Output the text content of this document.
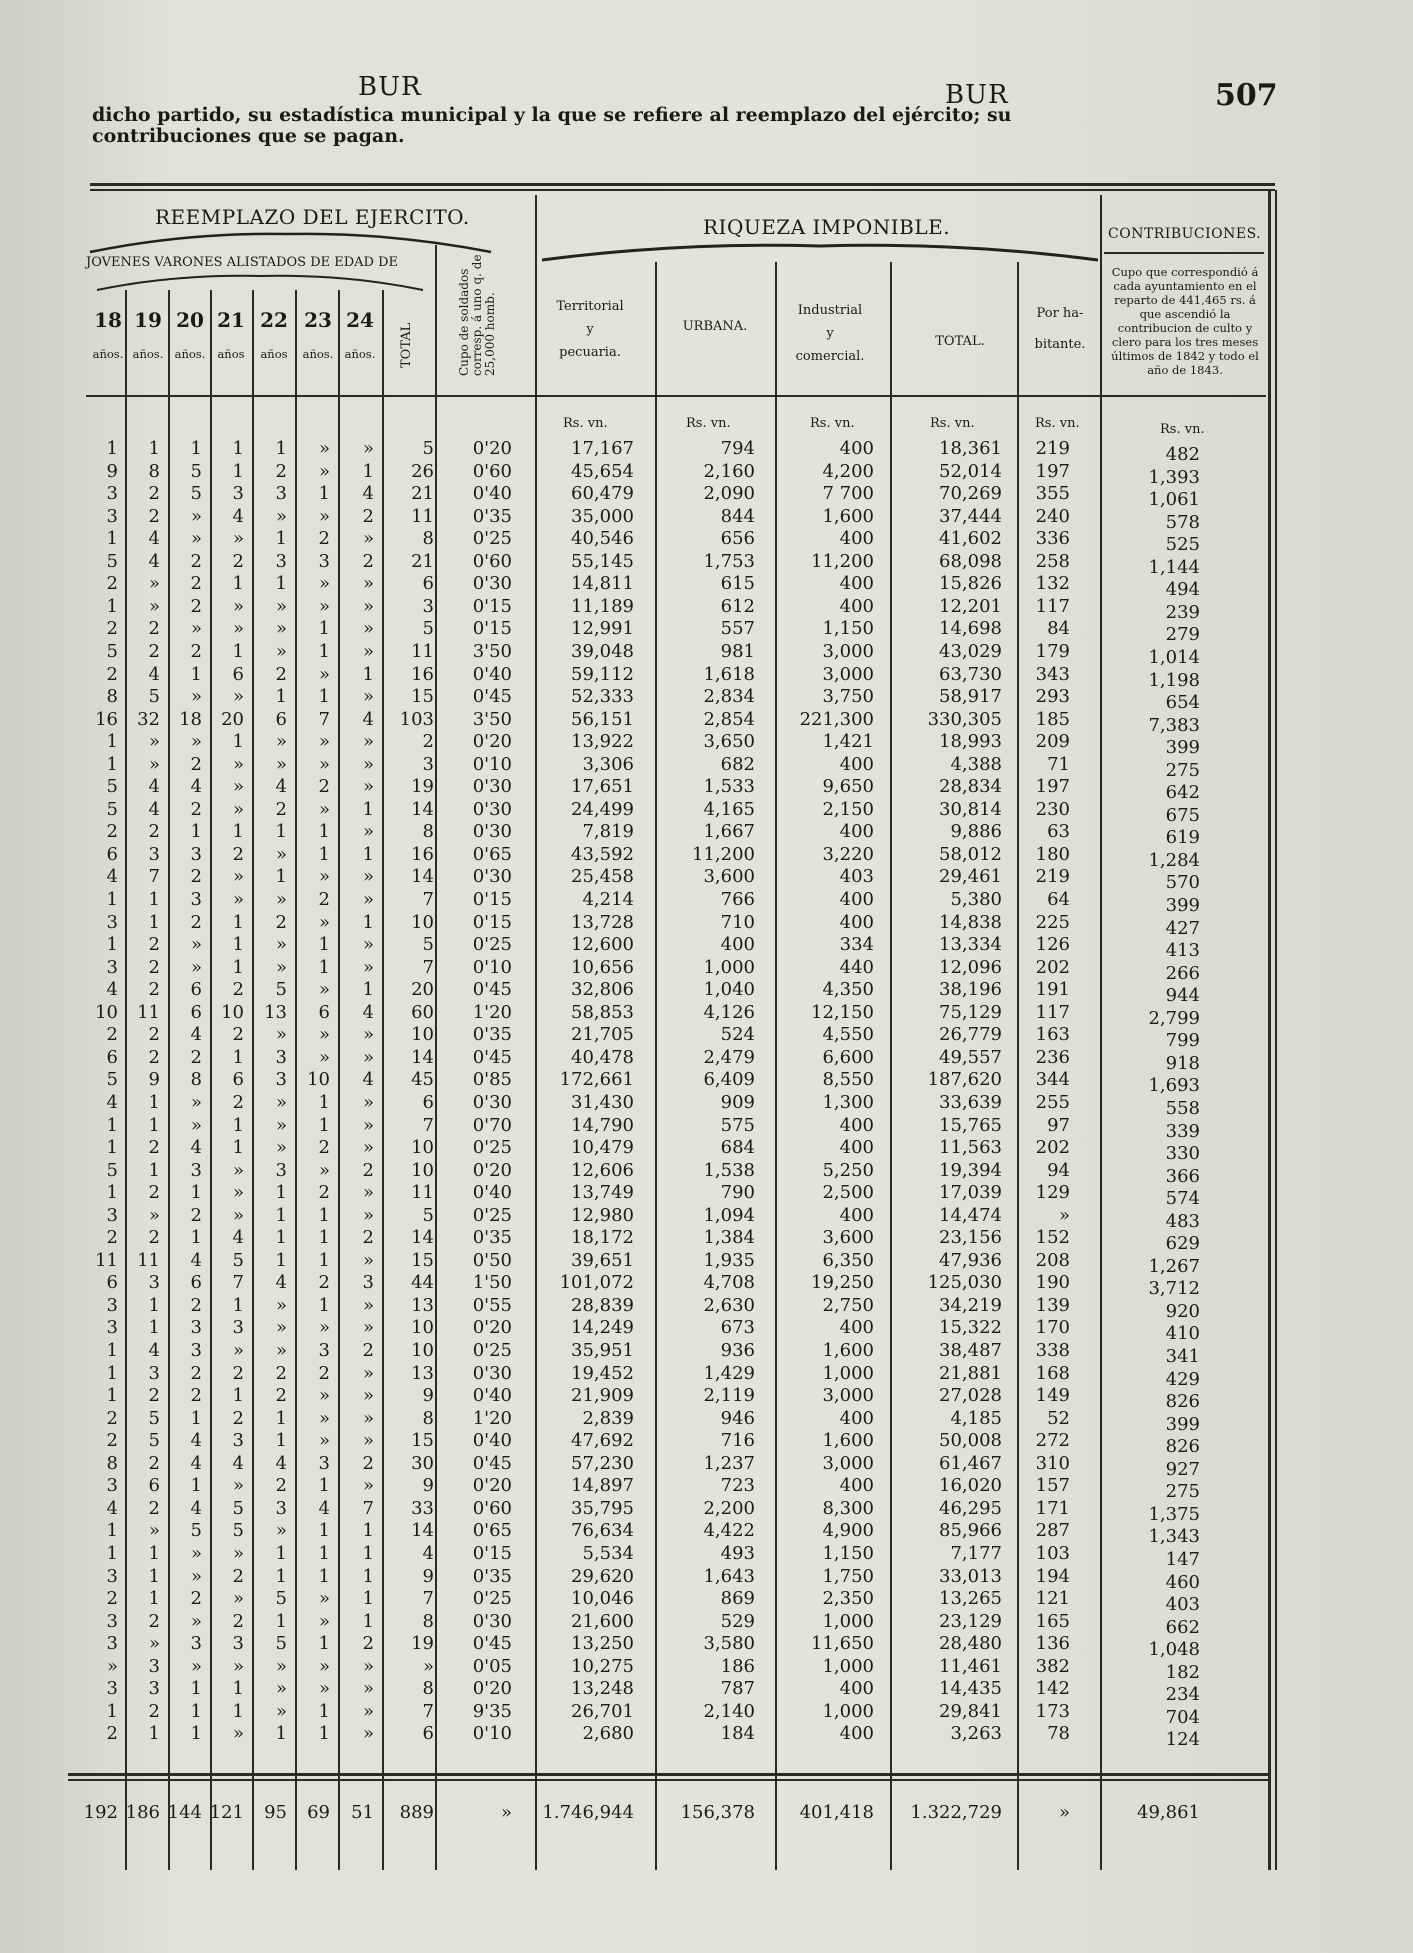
BUR	BUR	507
dicho partido, su estadística municipal y la que se refiere al reemplazo del ejército; su
contribuciones que se pagan.
REEMPLAZO DEL EJERCITO.	RIQUEZA IMPONIBLE.	CONTRIBUCIONES.
JOVENES VARONES ALISTADOS DE EDAD DE
Cupo que correspondió á cada ayuntamiento en el reparto de 441,465 rs. á que ascendió la contribucion de culto y clero para los tres meses últimos de 1842 y todo el año de 1843.
18 19 20 21 22 23 24
años. años. años.	años	años	años. años.	TOTAL	Cupo de soldados corresp. á uno q. de 25,000 homb.	Territorial
y
pecuaria.
URBANA.
Industrial
y
comercial.
TOTAL.
Por ha-
bitante.
Rs. vn.	Rs. vn.	Rs. vn.	Rs. vn.	Rs. vn.	Rs. vn.
1	1	1	1	1	»	»	5	0'20	17,167	794	400	18,361	219	482
9	8	5	1	2	»	1	26	0'60	45,654	2,160	4,200	52,014	197	1,393
3	2	5	3	3	1	4	21	0'40	60,479	2,090	7 700	70,269	355	1,061
3	2	»	4	»	»	2	11	0'35	35,000	844	1,600	37,444	240	578
1	4	»	»	1	2	»	8	0'25	40,546	656	400	41,602	336	525
5	4	2	2	3	3	2	21	0'60	55,145	1,753	11,200	68,098	258	1,144
2	»	2	1	1	»	»	6	0'30	14,811	615	400	15,826	132	494
1	»	2	»	»	»	»	3	0'15	11,189	612	400	12,201	117	239
2	2	»	»	»	1	»	5	0'15	12,991	557	1,150	14,698	84	279
5	2	2	1	»	1	»	11	3'50	39,048	981	3,000	43,029	179	1,014
2	4	1	6	2	»	1	16	0'40	59,112	1,618	3,000	63,730	343	1,198
8	5	»	»	1	1	»	15	0'45	52,333	2,834	3,750	58,917	293	654
16	32	18	20	6	7	4	103	3'50	56,151	2,854	221,300	330,305	185	7,383
1	»	»	1	»	»	»	2	0'20	13,922	3,650	1,421	18,993	209	399
1	»	2	»	»	»	»	3	0'10	3,306	682	400	4,388	71	275
5	4	4	»	4	2	»	19	0'30	17,651	1,533	9,650	28,834	197	642
5	4	2	»	2	»	1	14	0'30	24,499	4,165	2,150	30,814	230	675
2	2	1	1	1	1	»	8	0'30	7,819	1,667	400	9,886	63	619
6	3	3	2	»	1	1	16	0'65	43,592	11,200	3,220	58,012	180	1,284
4	7	2	»	1	»	»	14	0'30	25,458	3,600	403	29,461	219	570
1	1	3	»	»	2	»	7	0'15	4,214	766	400	5,380	64	399
3	1	2	1	2	»	1	10	0'15	13,728	710	400	14,838	225	427
1	2	»	1	»	1	»	5	0'25	12,600	400	334	13,334	126	413
3	2	»	1	»	1	»	7	0'10	10,656	1,000	440	12,096	202	266
4	2	6	2	5	»	1	20	0'45	32,806	1,040	4,350	38,196	191	944
10	11	6	10	13	6	4	60	1'20	58,853	4,126	12,150	75,129	117	2,799
2	2	4	2	»	»	»	10	0'35	21,705	524	4,550	26,779	163	799
6	2	2	1	3	»	»	14	0'45	40,478	2,479	6,600	49,557	236	918
5	9	8	6	3	10	4	45	0'85	172,661	6,409	8,550	187,620	344	1,693
4	1	»	2	»	1	»	6	0'30	31,430	909	1,300	33,639	255	558
1	1	»	1	»	1	»	7	0'70	14,790	575	400	15,765	97	339
1	2	4	1	»	2	»	10	0'25	10,479	684	400	11,563	202	330
5	1	3	»	3	»	2	10	0'20	12,606	1,538	5,250	19,394	94	366
1	2	1	»	1	2	»	11	0'40	13,749	790	2,500	17,039	129	574
3	»	2	»	1	1	»	5	0'25	12,980	1,094	400	14,474	»	483
2	2	1	4	1	1	2	14	0'35	18,172	1,384	3,600	23,156	152	629
11	11	4	5	1	1	»	15	0'50	39,651	1,935	6,350	47,936	208	1,267
6	3	6	7	4	2	3	44	1'50	101,072	4,708	19,250	125,030	190	3,712
3	1	2	1	»	1	»	13	0'55	28,839	2,630	2,750	34,219	139	920
3	1	3	3	»	»	»	10	0'20	14,249	673	400	15,322	170	410
1	4	3	»	»	3	2	10	0'25	35,951	936	1,600	38,487	338	341
1	3	2	2	2	2	»	13	0'30	19,452	1,429	1,000	21,881	168	429
1	2	2	1	2	»	»	9	0'40	21,909	2,119	3,000	27,028	149	826
2	5	1	2	1	»	»	8	1'20	2,839	946	400	4,185	52	399
2	5	4	3	1	»	»	15	0'40	47,692	716	1,600	50,008	272	826
8	2	4	4	4	3	2	30	0'45	57,230	1,237	3,000	61,467	310	927
3	6	1	»	2	1	»	9	0'20	14,897	723	400	16,020	157	275
4	2	4	5	3	4	7	33	0'60	35,795	2,200	8,300	46,295	171	1,375
1	»	5	5	»	1	1	14	0'65	76,634	4,422	4,900	85,966	287	1,343
1	1	»	»	1	1	1	4	0'15	5,534	493	1,150	7,177	103	147
3	1	»	2	1	1	1	9	0'35	29,620	1,643	1,750	33,013	194	460
2	1	2	»	5	»	1	7	0'25	10,046	869	2,350	13,265	121	403
3	2	»	2	1	»	1	8	0'30	21,600	529	1,000	23,129	165	662
3	»	3	3	5	1	2	19	0'45	13,250	3,580	11,650	28,480	136	1,048
»	3	»	»	»	»	»	»	0'05	10,275	186	1,000	11,461	382	182
3	3	1	1	»	»	»	8	0'20	13,248	787	400	14,435	142	234
1	2	1	1	»	1	»	7	9'35	26,701	2,140	1,000	29,841	173	704
2	1	1	»	1	1	»	6	0'10	2,680	184	400	3,263	78	124
192 186 144 121	95	69	51	889	»	1.746,944	156,378	401,418	1.322,729	»	49,861
